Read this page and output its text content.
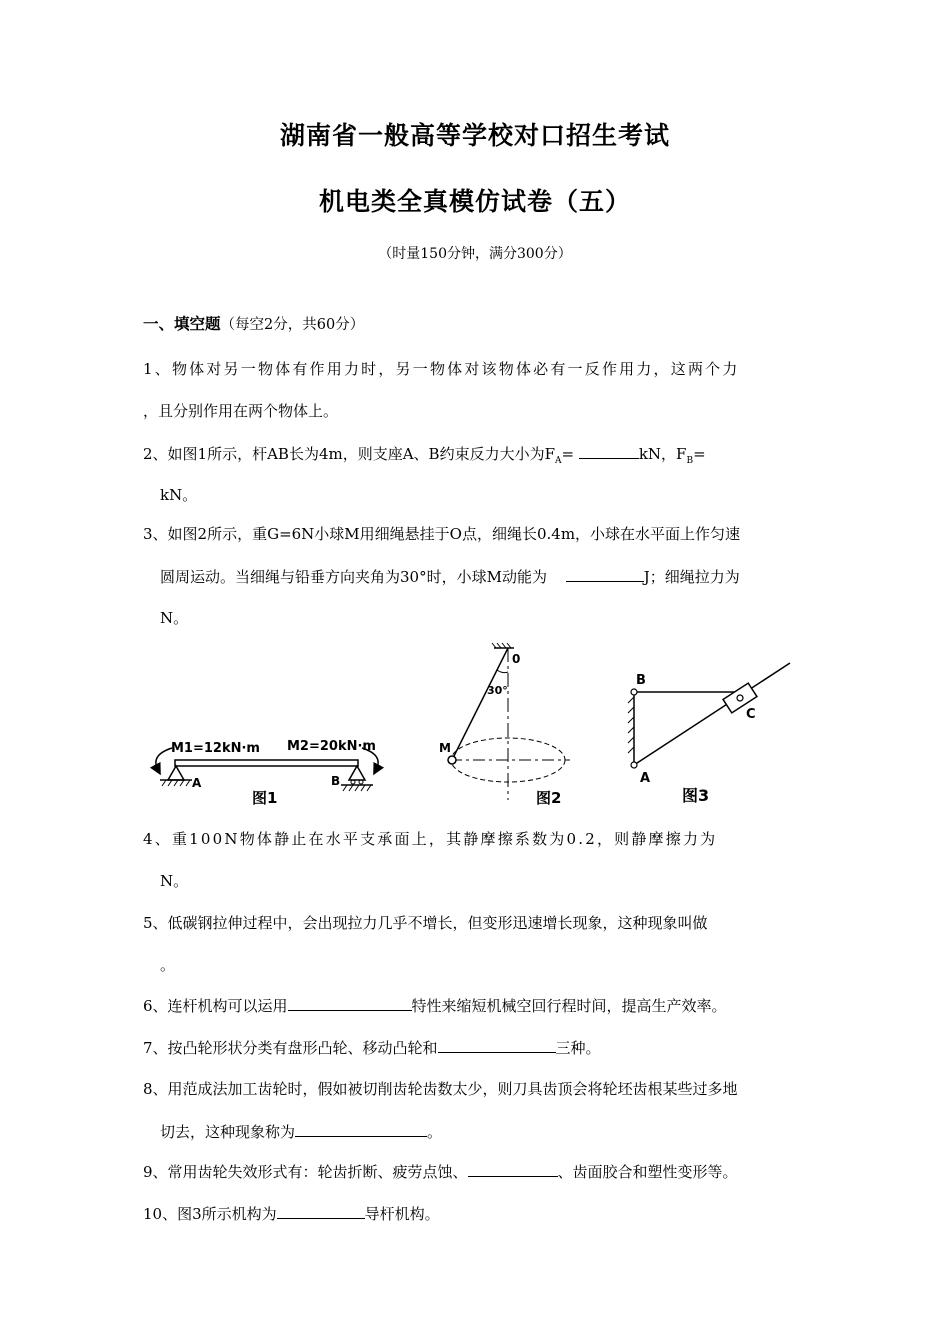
湖南省一般高等学校对口招生考试
机电类全真模仿试卷（五）
（时量150分钟，满分300分）
一、填空题（每空2分，共60分）
1、物体对另一物体有作用力时，另一物体对该物体必有一反作用力，这两个力
，且分别作用在两个物体上。
2、如图1所示，杆AB长为4m，则支座A、B约束反力大小为$F_A=$	kN，$F_B=$
kN。
3、如图2所示，重G=6N小球M用细绳悬挂于O点，细绳长0.4m，小球在水平面上作匀速
圆周运动。当细绳与铅垂方向夹角为30°时，小球M动能为	J；细绳拉力为
N。
M1=12kN·m M2=20kN·m
A	B
图1
0
30°
M
图2
B
A
C
图3
4、重100N物体静止在水平支承面上，其静摩擦系数为0.2，则静摩擦力为
N。
5、低碳钢拉伸过程中，会出现拉力几乎不增长，但变形迅速增长现象，这种现象叫做
。
6、连杆机构可以运用	特性来缩短机械空回行程时间，提高生产效率。
7、按凸轮形状分类有盘形凸轮、移动凸轮和	三种。
8、用范成法加工齿轮时，假如被切削齿轮齿数太少，则刀具齿顶会将轮坯齿根某些过多地
切去，这种现象称为	。
9、常用齿轮失效形式有：轮齿折断、疲劳点蚀、	、齿面胶合和塑性变形等。
10、图3所示机构为	导杆机构。
